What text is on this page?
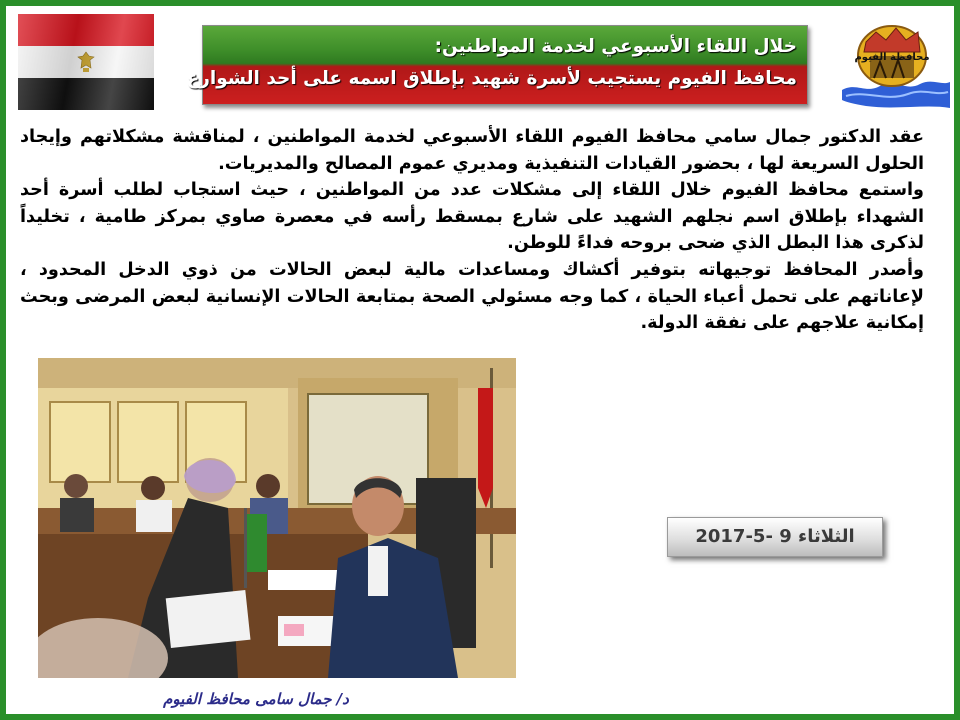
خلال اللقاء الأسبوعي لخدمة المواطنين:
محافظ الفيوم يستجيب لأسرة شهيد بإطلاق اسمه على أحد الشوارع
محافظة الفيوم

عقد الدكتور جمال سامي محافظ الفيوم اللقاء الأسبوعي لخدمة المواطنين ، لمناقشة مشكلاتهم وإيجاد الحلول السريعة لها ، بحضور القيادات التنفيذية ومديري عموم المصالح والمديريات.

واستمع محافظ الفيوم خلال اللقاء إلى مشكلات عدد من المواطنين ، حيث استجاب لطلب أسرة أحد الشهداء بإطلاق اسم نجلهم الشهيد على شارع بمسقط رأسه في معصرة صاوي بمركز طامية ، تخليداً لذكرى هذا البطل الذي ضحى بروحه فداءً للوطن.

وأصدر المحافظ توجيهاته بتوفير أكشاك ومساعدات مالية لبعض الحالات من ذوي الدخل المحدود ، لإعاناتهم على تحمل أعباء الحياة ، كما وجه مسئولي الصحة بمتابعة الحالات الإنسانية لبعض المرضى وبحث إمكانية علاجهم على نفقة الدولة.

الثلاثاء 9 -5-2017
د/ جمال سامى محافظ الفيوم
